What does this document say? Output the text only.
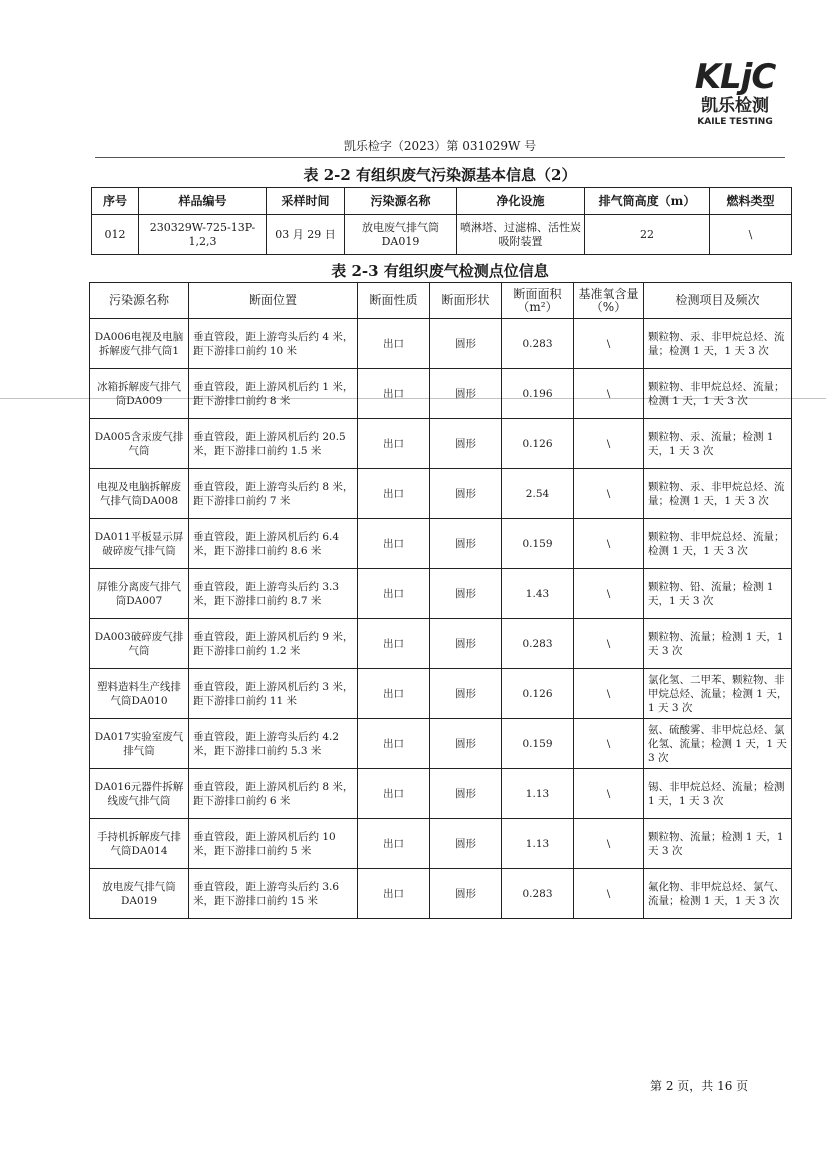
KLjC
凯乐检测
KAILE TESTING
凯乐检字（2023）第 031029W 号
表 2-2 有组织废气污染源基本信息（2）
序号	样品编号	采样时间	污染源名称	净化设施	排气筒高度（m）	燃料类型
012	230329W-725-13P-1,2,3	03 月 29 日	放电废气排气筒DA019	喷淋塔、过滤棉、活性炭吸附装置	22	\
表 2-3 有组织废气检测点位信息
污染源名称	断面位置	断面性质	断面形状	断面面积（m²）	基准氧含量（%）	检测项目及频次
DA006电视及电脑拆解废气排气筒1	垂直管段，距上游弯头后约 4 米，距下游排口前约 10 米	出口	圆形	0.283	\	颗粒物、汞、非甲烷总烃、流量；检测 1 天，1 天 3 次
冰箱拆解废气排气筒DA009	垂直管段，距上游风机后约 1 米，距下游排口前约 8 米	出口	圆形	0.196	\	颗粒物、非甲烷总烃、流量；检测 1 天，1 天 3 次
DA005含汞废气排气筒	垂直管段，距上游风机后约 20.5 米，距下游排口前约 1.5 米	出口	圆形	0.126	\	颗粒物、汞、流量；检测 1 天，1 天 3 次
电视及电脑拆解废气排气筒DA008	垂直管段，距上游弯头后约 8 米，距下游排口前约 7 米	出口	圆形	2.54	\	颗粒物、汞、非甲烷总烃、流量；检测 1 天，1 天 3 次
DA011平板显示屏破碎废气排气筒	垂直管段，距上游风机后约 6.4 米，距下游排口前约 8.6 米	出口	圆形	0.159	\	颗粒物、非甲烷总烃、流量；检测 1 天，1 天 3 次
屏锥分离废气排气筒DA007	垂直管段，距上游弯头后约 3.3 米，距下游排口前约 8.7 米	出口	圆形	1.43	\	颗粒物、铅、流量；检测 1 天，1 天 3 次
DA003破碎废气排气筒	垂直管段，距上游风机后约 9 米，距下游排口前约 1.2 米	出口	圆形	0.283	\	颗粒物、流量；检测 1 天，1 天 3 次
塑料造料生产线排气筒DA010	垂直管段，距上游风机后约 3 米，距下游排口前约 11 米	出口	圆形	0.126	\	氯化氢、二甲苯、颗粒物、非甲烷总烃、流量；检测 1 天，1 天 3 次
DA017实验室废气排气筒	垂直管段，距上游弯头后约 4.2 米，距下游排口前约 5.3 米	出口	圆形	0.159	\	氨、硫酸雾、非甲烷总烃、氯化氢、流量；检测 1 天，1 天 3 次
DA016元器件拆解线废气排气筒	垂直管段，距上游风机后约 8 米，距下游排口前约 6 米	出口	圆形	1.13	\	锡、非甲烷总烃、流量；检测 1 天，1 天 3 次
手持机拆解废气排气筒DA014	垂直管段，距上游风机后约 10 米，距下游排口前约 5 米	出口	圆形	1.13	\	颗粒物、流量；检测 1 天，1 天 3 次
放电废气排气筒DA019	垂直管段，距上游弯头后约 3.6 米，距下游排口前约 15 米	出口	圆形	0.283	\	氟化物、非甲烷总烃、氯气、流量；检测 1 天，1 天 3 次
第 2 页，共 16 页
